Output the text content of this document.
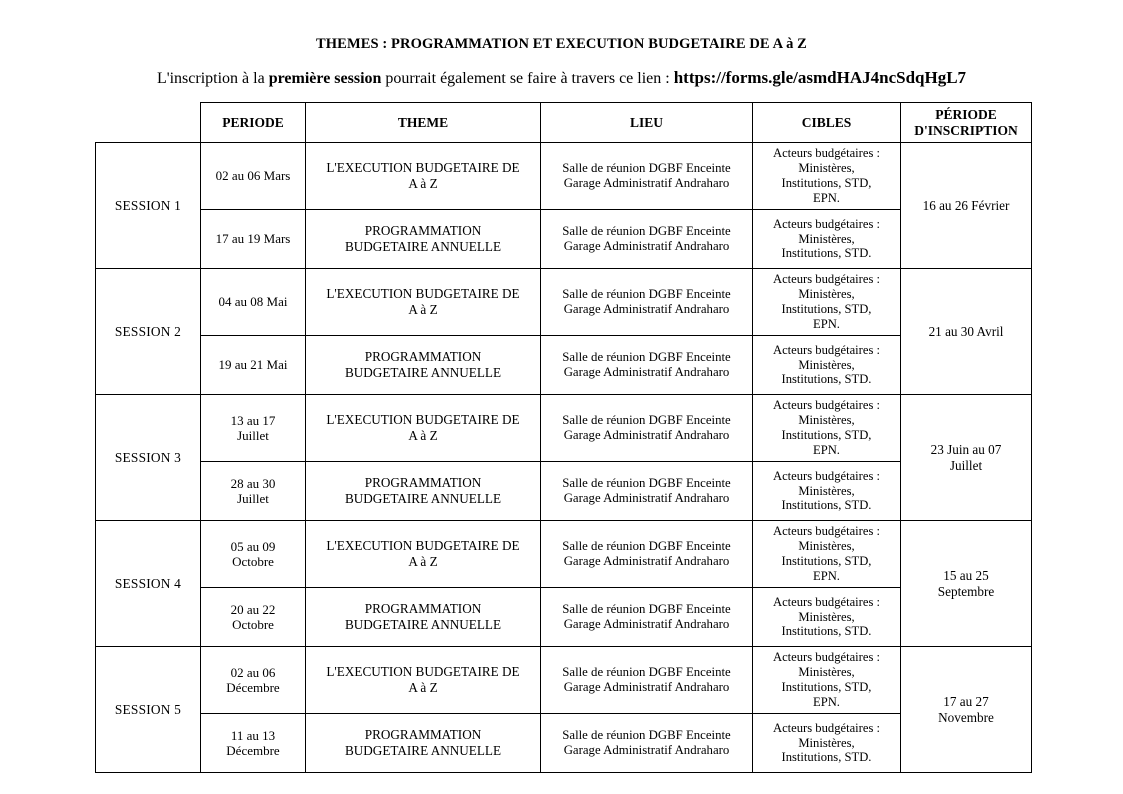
THEMES : PROGRAMMATION ET EXECUTION BUDGETAIRE DE A à Z
L'inscription à la première session pourrait également se faire à travers ce lien : https://forms.gle/asmdHAJ4ncSdqHgL7
	PERIODE	THEME	LIEU	CIBLES	PÉRIODE
D'INSCRIPTION

SESSION 1	02 au 06 Mars	L'EXECUTION BUDGETAIRE DE
A à Z	Salle de réunion DGBF Enceinte
Garage Administratif Andraharo	Acteurs budgétaires :
Ministères,
Institutions, STD,
EPN.	16 au 26 Février

	17 au 19 Mars	PROGRAMMATION
BUDGETAIRE ANNUELLE	Salle de réunion DGBF Enceinte
Garage Administratif Andraharo	Acteurs budgétaires :
Ministères,
Institutions, STD.	

SESSION 2	04 au 08 Mai	L'EXECUTION BUDGETAIRE DE
A à Z	Salle de réunion DGBF Enceinte
Garage Administratif Andraharo	Acteurs budgétaires :
Ministères,
Institutions, STD,
EPN.	21 au 30 Avril

	19 au 21 Mai	PROGRAMMATION
BUDGETAIRE ANNUELLE	Salle de réunion DGBF Enceinte
Garage Administratif Andraharo	Acteurs budgétaires :
Ministères,
Institutions, STD.	

SESSION 3	13 au 17
Juillet	L'EXECUTION BUDGETAIRE DE
A à Z	Salle de réunion DGBF Enceinte
Garage Administratif Andraharo	Acteurs budgétaires :
Ministères,
Institutions, STD,
EPN.	23 Juin au 07
Juillet

	28 au 30
Juillet	PROGRAMMATION
BUDGETAIRE ANNUELLE	Salle de réunion DGBF Enceinte
Garage Administratif Andraharo	Acteurs budgétaires :
Ministères,
Institutions, STD.	

SESSION 4	05 au 09
Octobre	L'EXECUTION BUDGETAIRE DE
A à Z	Salle de réunion DGBF Enceinte
Garage Administratif Andraharo	Acteurs budgétaires :
Ministères,
Institutions, STD,
EPN.	15 au 25
Septembre

	20 au 22
Octobre	PROGRAMMATION
BUDGETAIRE ANNUELLE	Salle de réunion DGBF Enceinte
Garage Administratif Andraharo	Acteurs budgétaires :
Ministères,
Institutions, STD.	

SESSION 5	02 au 06
Décembre	L'EXECUTION BUDGETAIRE DE
A à Z	Salle de réunion DGBF Enceinte
Garage Administratif Andraharo	Acteurs budgétaires :
Ministères,
Institutions, STD,
EPN.	17 au 27
Novembre

	11 au 13
Décembre	PROGRAMMATION
BUDGETAIRE ANNUELLE	Salle de réunion DGBF Enceinte
Garage Administratif Andraharo	Acteurs budgétaires :
Ministères,
Institutions, STD.	
